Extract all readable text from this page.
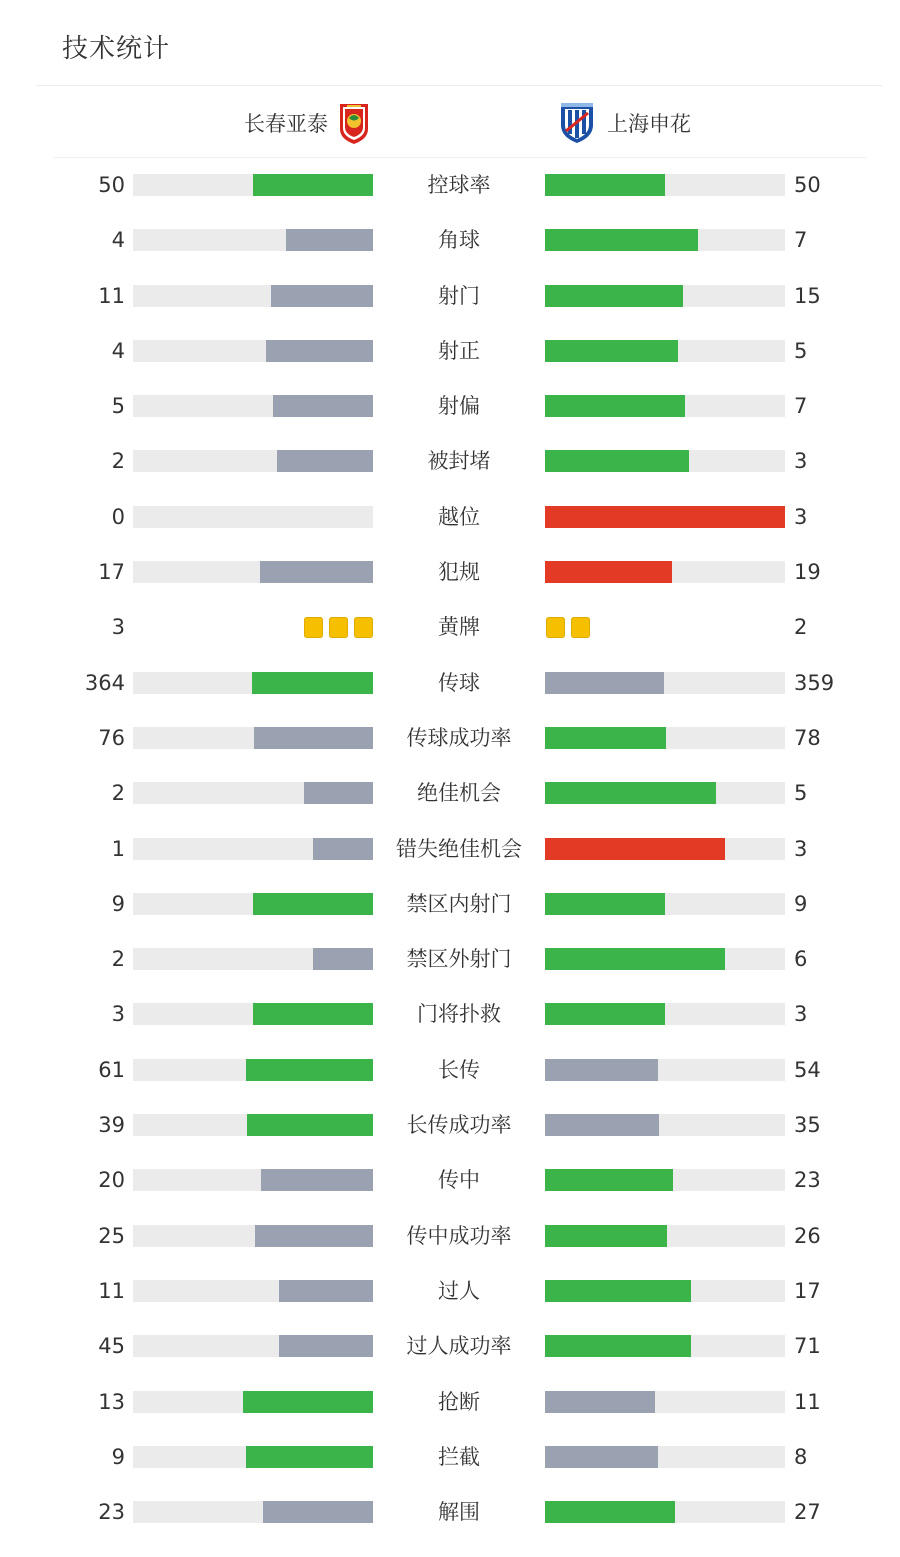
技术统计
长春亚泰	上海申花
50	控球率	50
4	角球	7
11	射门	15
4	射正	5
5	射偏	7
2	被封堵	3
0	越位	3
17	犯规	19
3	黄牌	2
364	传球	359
76	传球成功率	78
2	绝佳机会	5
1	错失绝佳机会	3
9	禁区内射门	9
2	禁区外射门	6
3	门将扑救	3
61	长传	54
39	长传成功率	35
20	传中	23
25	传中成功率	26
11	过人	17
45	过人成功率	71
13	抢断	11
9	拦截	8
23	解围	27
